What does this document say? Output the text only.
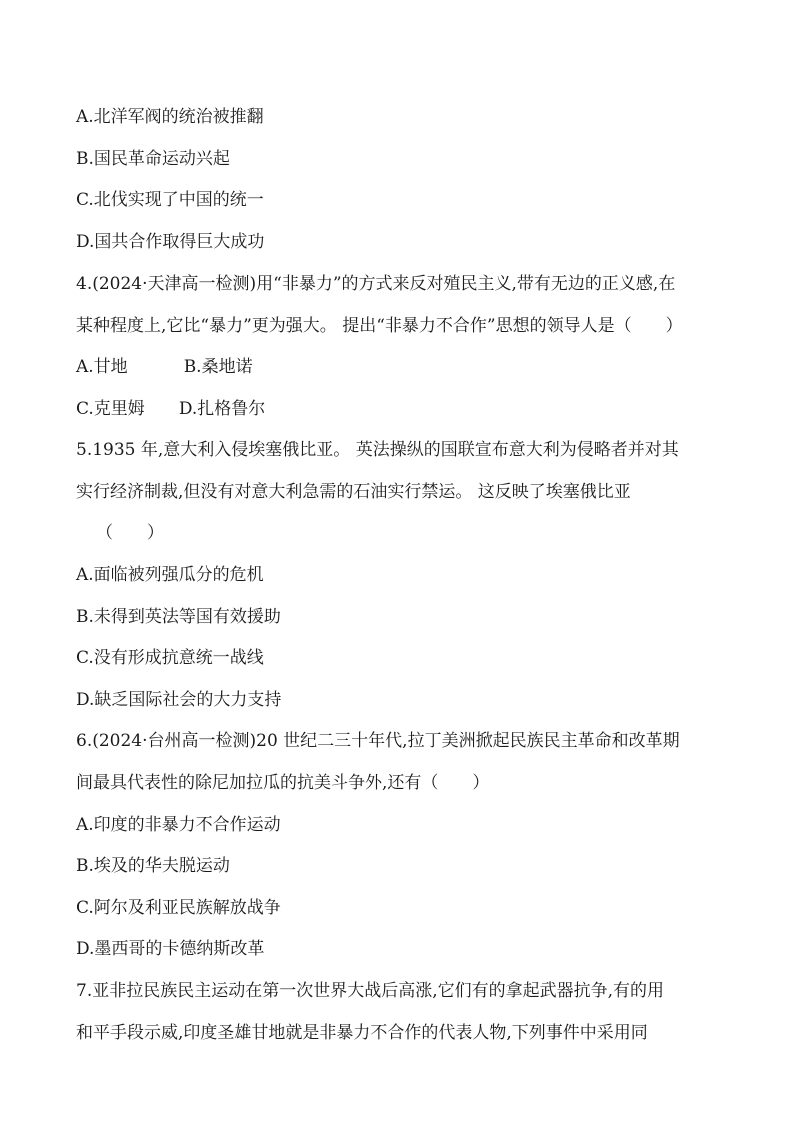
A.北洋军阀的统治被推翻
B.国民革命运动兴起
C.北伐实现了中国的统一
D.国共合作取得巨大成功
4.(2024·天津高一检测)用“非暴力”的方式来反对殖民主义,带有无边的正义感,在
某种程度上,它比“暴力”更为强大。 提出“非暴力不合作”思想的领导人是（　　）
A.甘地	B.桑地诺
C.克里姆 D.扎格鲁尔
5.1935 年,意大利入侵埃塞俄比亚。 英法操纵的国联宣布意大利为侵略者并对其
实行经济制裁,但没有对意大利急需的石油实行禁运。 这反映了埃塞俄比亚
（　　）
A.面临被列强瓜分的危机
B.未得到英法等国有效援助
C.没有形成抗意统一战线
D.缺乏国际社会的大力支持
6.(2024·台州高一检测)20 世纪二三十年代,拉丁美洲掀起民族民主革命和改革期
间最具代表性的除尼加拉瓜的抗美斗争外,还有（　　）
A.印度的非暴力不合作运动
B.埃及的华夫脱运动
C.阿尔及利亚民族解放战争
D.墨西哥的卡德纳斯改革
7.亚非拉民族民主运动在第一次世界大战后高涨,它们有的拿起武器抗争,有的用
和平手段示威,印度圣雄甘地就是非暴力不合作的代表人物,下列事件中采用同
